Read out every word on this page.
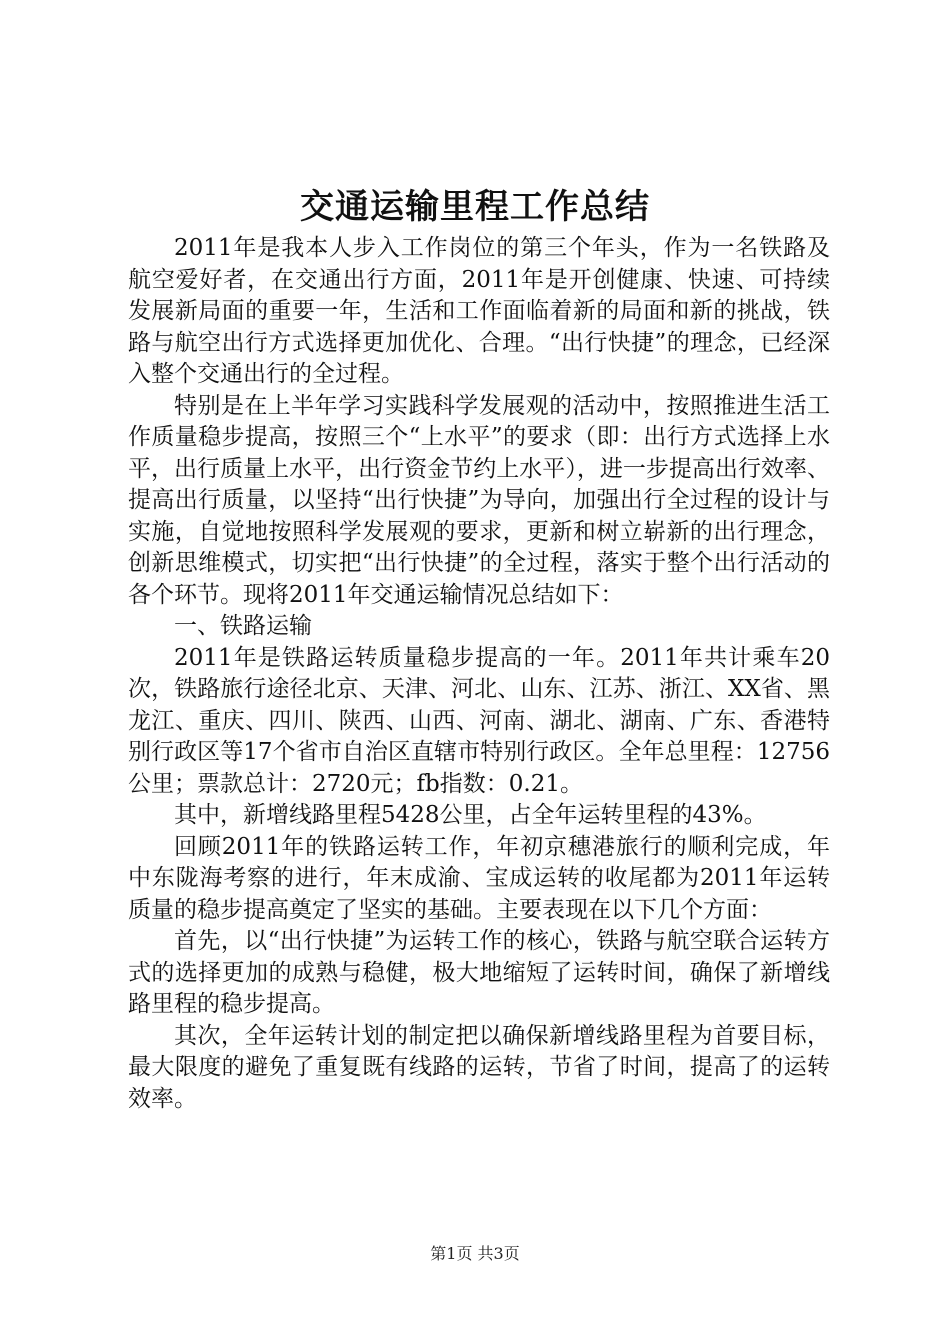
交通运输里程工作总结

2011年是我本人步入工作岗位的第三个年头，作为一名铁路及航空爱好者，在交通出行方面，2011年是开创健康、快速、可持续发展新局面的重要一年，生活和工作面临着新的局面和新的挑战，铁路与航空出行方式选择更加优化、合理。“出行快捷”的理念，已经深入整个交通出行的全过程。

特别是在上半年学习实践科学发展观的活动中，按照推进生活工作质量稳步提高，按照三个“上水平”的要求（即：出行方式选择上水平，出行质量上水平，出行资金节约上水平），进一步提高出行效率、提高出行质量，以坚持“出行快捷”为导向，加强出行全过程的设计与实施，自觉地按照科学发展观的要求，更新和树立崭新的出行理念，创新思维模式，切实把“出行快捷”的全过程，落实于整个出行活动的各个环节。现将2011年交通运输情况总结如下：

一、铁路运输

2011年是铁路运转质量稳步提高的一年。2011年共计乘车20次，铁路旅行途径北京、天津、河北、山东、江苏、浙江、XX省、黑龙江、重庆、四川、陕西、山西、河南、湖北、湖南、广东、香港特别行政区等17个省市自治区直辖市特别行政区。全年总里程：12756公里；票款总计：2720元；fb指数：0.21。

其中，新增线路里程5428公里，占全年运转里程的43%。

回顾2011年的铁路运转工作，年初京穗港旅行的顺利完成，年中东陇海考察的进行，年末成渝、宝成运转的收尾都为2011年运转质量的稳步提高奠定了坚实的基础。主要表现在以下几个方面：

首先，以“出行快捷”为运转工作的核心，铁路与航空联合运转方式的选择更加的成熟与稳健，极大地缩短了运转时间，确保了新增线路里程的稳步提高。

其次，全年运转计划的制定把以确保新增线路里程为首要目标，最大限度的避免了重复既有线路的运转，节省了时间，提高了的运转效率。

第1页 共3页
